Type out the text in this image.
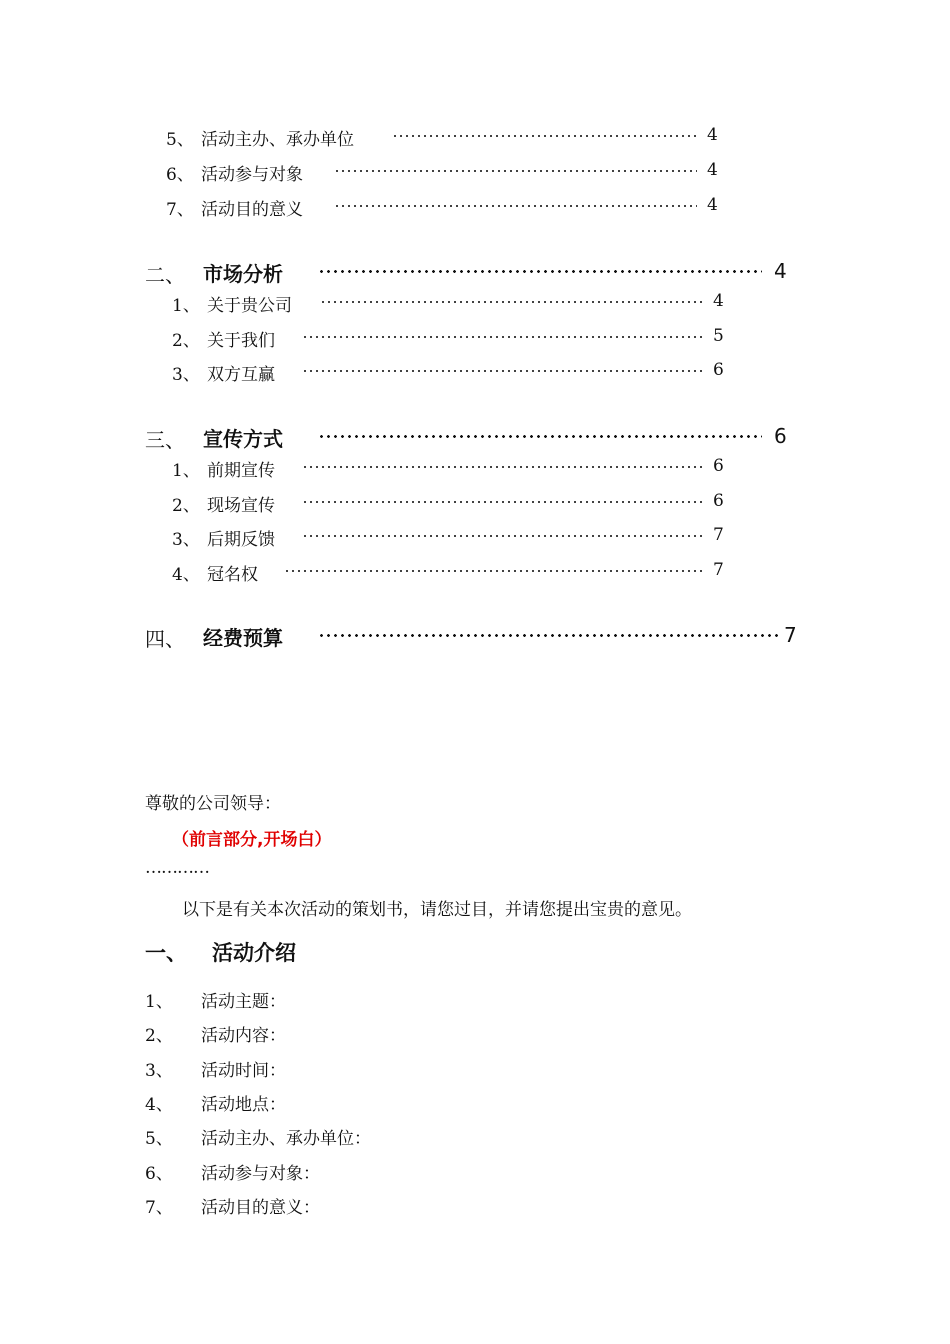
5、 活动主办、承办单位	4
6、 活动参与对象	4
7、 活动目的意义	4
二、 市场分析	4
1、 关于贵公司	4
2、 关于我们	5
3、 双方互赢	6
三、 宣传方式	6
1、 前期宣传	6
2、 现场宣传	6
3、 后期反馈	7
4、 冠名权	7
四、 经费预算	7
尊敬的公司领导：
（前言部分,开场白）
…………
以下是有关本次活动的策划书，请您过目，并请您提出宝贵的意见。
一、 活动介绍
1、 活动主题：
2、 活动内容：
3、 活动时间：
4、 活动地点：
5、 活动主办、承办单位：
6、 活动参与对象：
7、 活动目的意义：
